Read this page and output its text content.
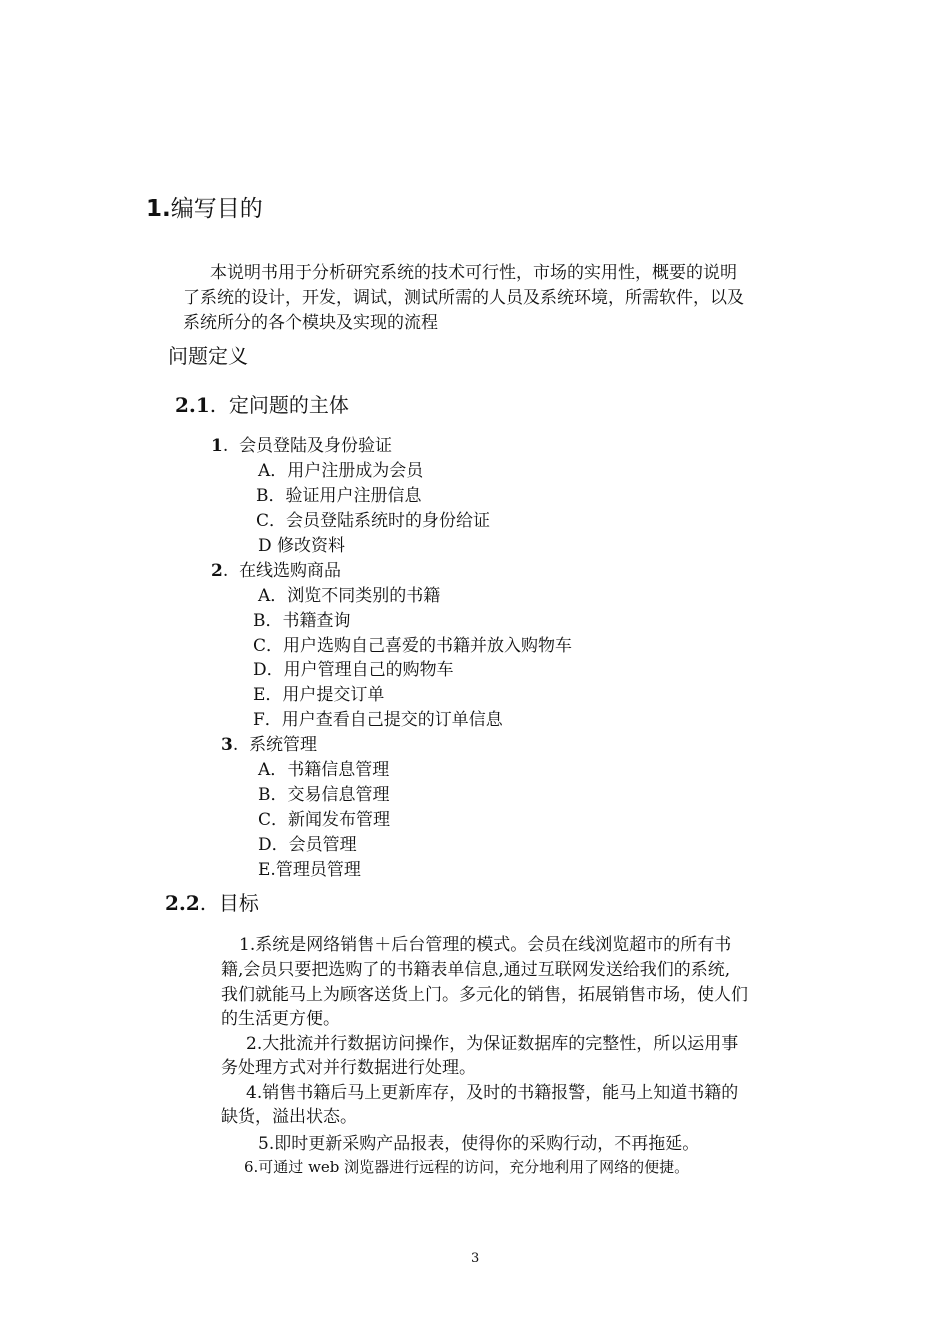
1.编写目的
本说明书用于分析研究系统的技术可行性，市场的实用性，概要的说明
了系统的设计，开发，调试，测试所需的人员及系统环境，所需软件，以及
系统所分的各个模块及实现的流程
问题定义
2.1. 定问题的主体
1. 会员登陆及身份验证
A．用户注册成为会员
B．验证用户注册信息
C．会员登陆系统时的身份给证
D 修改资料
2. 在线选购商品
A．浏览不同类别的书籍
B．书籍查询
C．用户选购自己喜爱的书籍并放入购物车
D．用户管理自己的购物车
E．用户提交订单
F．用户查看自己提交的订单信息
3. 系统管理
A．书籍信息管理
B．交易信息管理
C．新闻发布管理
D．会员管理
E.管理员管理
2.2. 目标
1.系统是网络销售＋后台管理的模式。会员在线浏览超市的所有书
籍,会员只要把选购了的书籍表单信息,通过互联网发送给我们的系统,
我们就能马上为顾客送货上门。多元化的销售，拓展销售市场，使人们
的生活更方便。
2.大批流并行数据访问操作，为保证数据库的完整性，所以运用事
务处理方式对并行数据进行处理。
4.销售书籍后马上更新库存，及时的书籍报警，能马上知道书籍的
缺货，溢出状态。
5.即时更新采购产品报表，使得你的采购行动，不再拖延。
6.可通过 web 浏览器进行远程的访问，充分地利用了网络的便捷。
3
